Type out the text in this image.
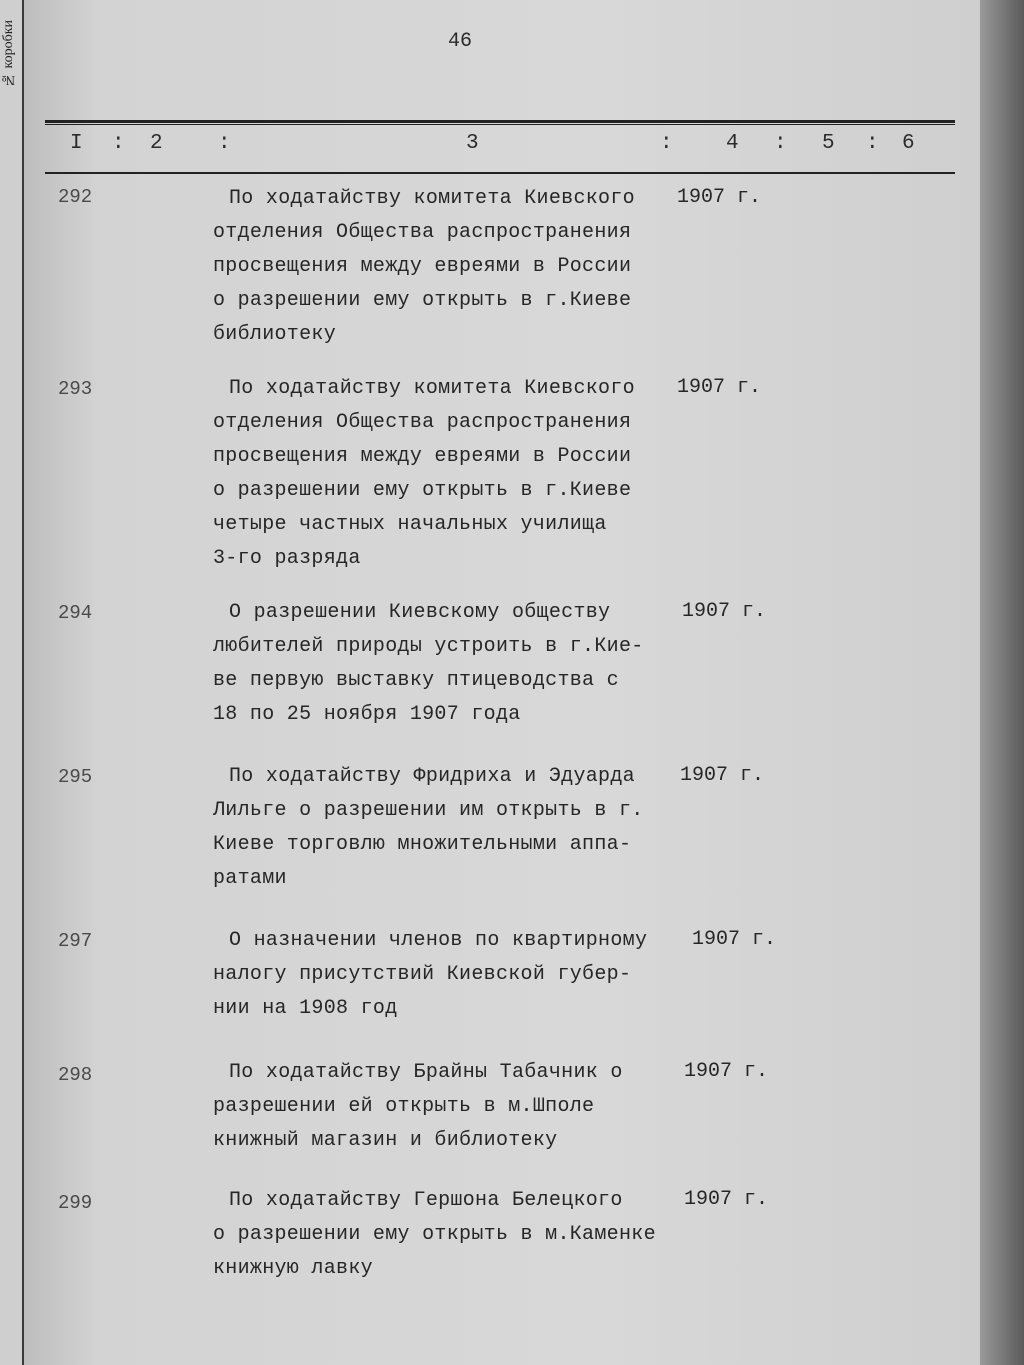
№ коробки	46
I : 2	:	3	: 4 : 5 : 6
292	По ходатайству комитета Киевского
отделения Общества распространения
просвещения между евреями в России
о разрешении ему открыть в г.Киеве
библиотеку
1907 г.
293	По ходатайству комитета Киевского
отделения Общества распространения
просвещения между евреями в России
о разрешении ему открыть в г.Киеве
четыре частных начальных училища
3-го разряда
1907 г.
294	О разрешении Киевскому обществу
любителей природы устроить в г.Кие-
ве первую выставку птицеводства с
18 по 25 ноября 1907 года
1907 г.
295	По ходатайству Фридриха и Эдуарда
Лильге о разрешении им открыть в г.
Киеве торговлю множительными аппа-
ратами
1907 г.
297	О назначении членов по квартирному
налогу присутствий Киевской губер-
нии на 1908 год
1907 г.
298	По ходатайству Брайны Табачник о
разрешении ей открыть в м.Шполе
книжный магазин и библиотеку
1907 г.
299	По ходатайству Гершона Белецкого
о разрешении ему открыть в м.Каменке
книжную лавку
1907 г.
